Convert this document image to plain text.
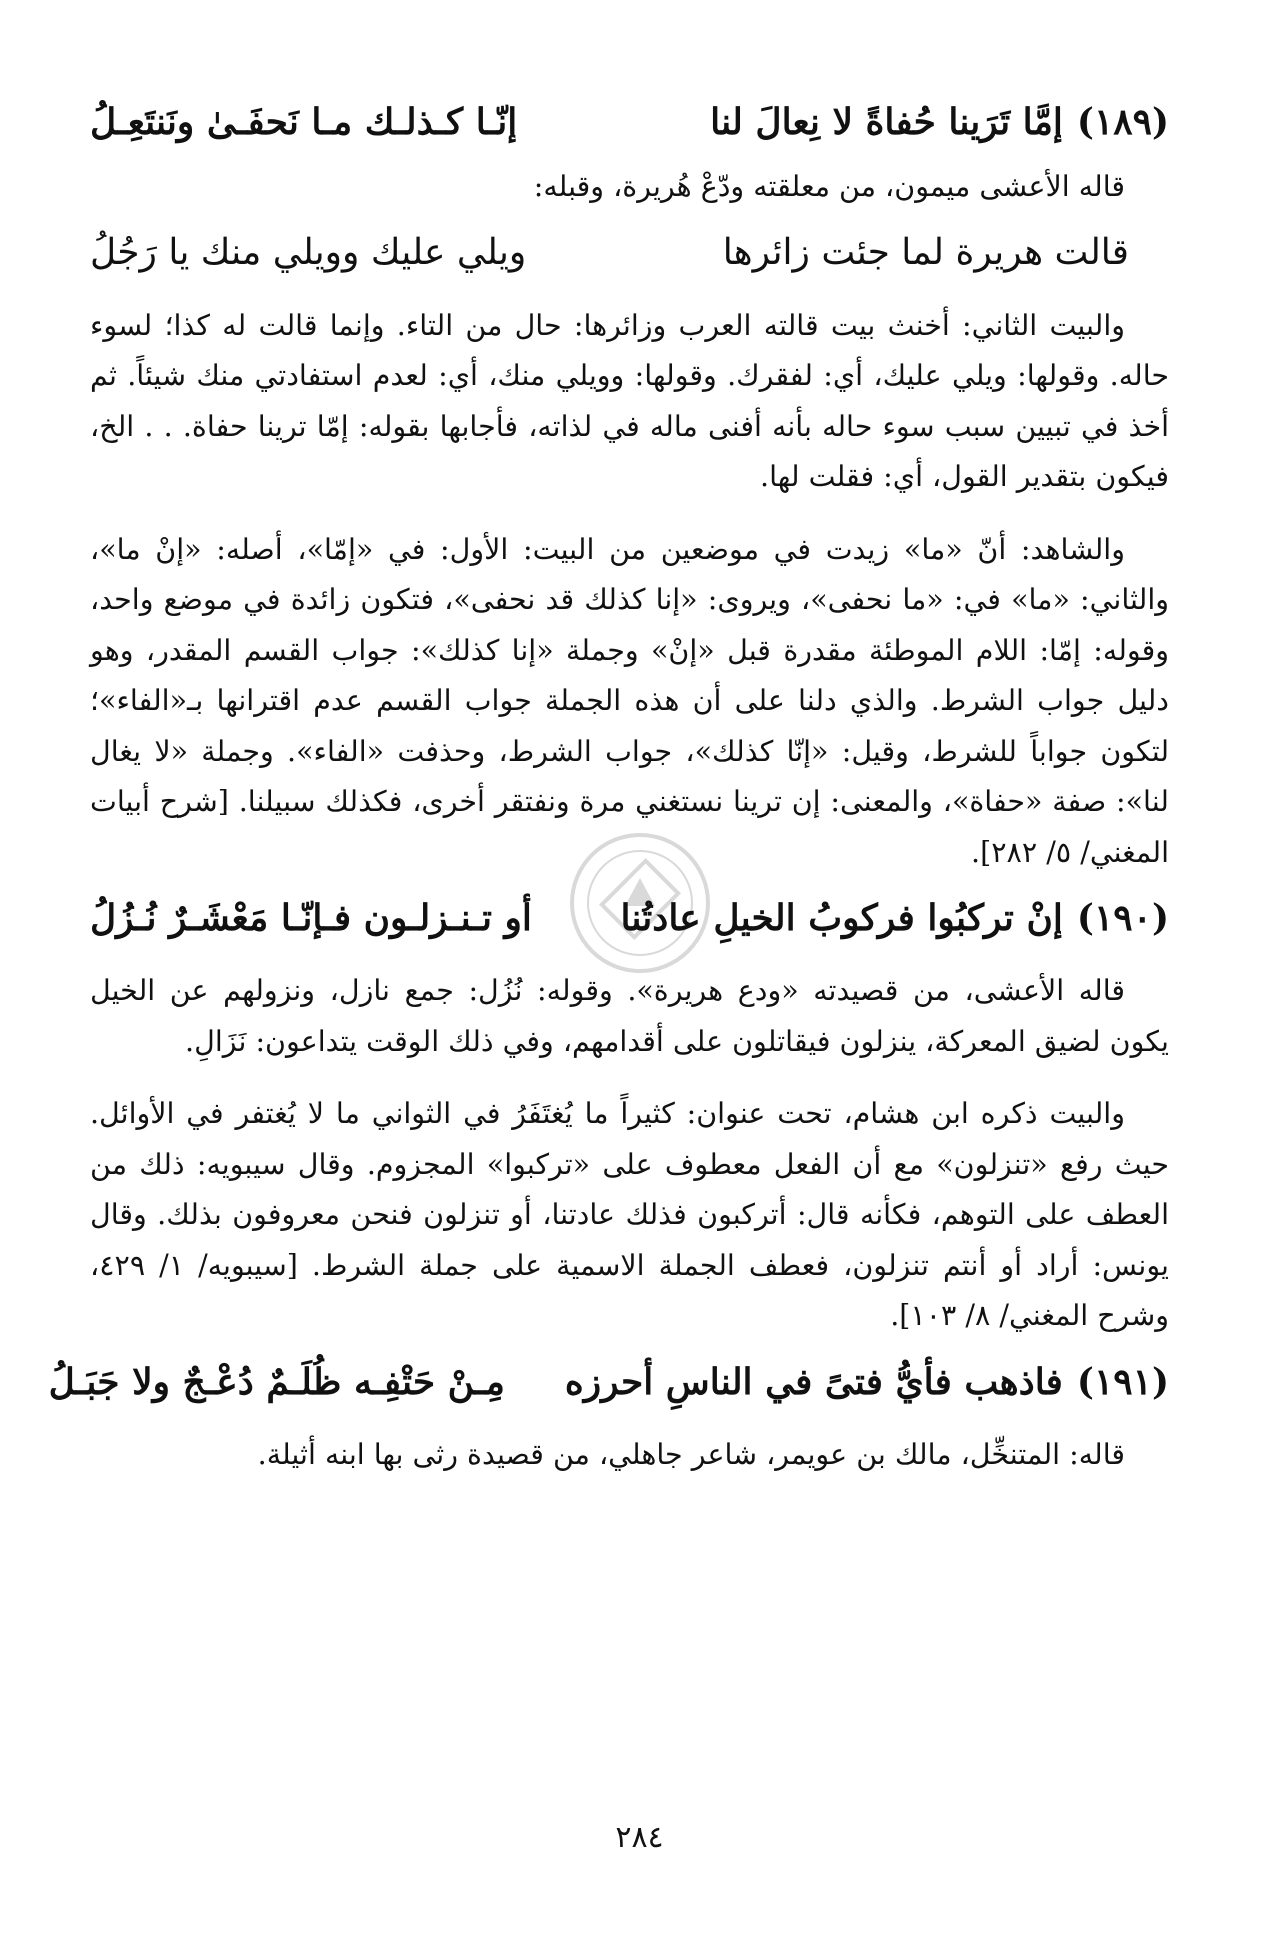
(١٨٩)
إمَّا تَرَينا حُفاةً لا نِعالَ لنا
إنّـا كـذلـك مـا نَحفَـىٰ ونَنتَعِـلُ

قاله الأعشى ميمون، من معلقته ودّعْ هُريرة، وقبله:

قالت هريرة لما جئت زائرها
ويلي عليك وويلي منك يا رَجُلُ

والبيت الثاني: أخنث بيت قالته العرب وزائرها: حال من التاء. وإنما قالت له كذا؛ لسوء حاله. وقولها: ويلي عليك، أي: لفقرك. وقولها: وويلي منك، أي: لعدم استفادتي منك شيئاً. ثم أخذ في تبيين سبب سوء حاله بأنه أفنى ماله في لذاته، فأجابها بقوله: إمّا ترينا حفاة. . . الخ، فيكون بتقدير القول، أي: فقلت لها.

والشاهد: أنّ «ما» زيدت في موضعين من البيت: الأول: في «إمّا»، أصله: «إنْ ما»، والثاني: «ما» في: «ما نحفى»، ويروى: «إنا كذلك قد نحفى»، فتكون زائدة في موضع واحد، وقوله: إمّا: اللام الموطئة مقدرة قبل «إنْ» وجملة «إنا كذلك»: جواب القسم المقدر، وهو دليل جواب الشرط. والذي دلنا على أن هذه الجملة جواب القسم عدم اقترانها بـ«الفاء»؛ لتكون جواباً للشرط، وقيل: «إنّا كذلك»، جواب الشرط، وحذفت «الفاء». وجملة «لا يغال لنا»: صفة «حفاة»، والمعنى: إن ترينا نستغني مرة ونفتقر أخرى، فكذلك سبيلنا. [شرح أبيات المغني/ ٥/ ٢٨٢].

(١٩٠)
إنْ تركبُوا فركوبُ الخيلِ عادتُنا
أو تـنـزلـون فـإنّـا مَعْشَـرٌ نُـزُلُ

قاله الأعشى، من قصيدته «ودع هريرة». وقوله: نُزُل: جمع نازل، ونزولهم عن الخيل يكون لضيق المعركة، ينزلون فيقاتلون على أقدامهم، وفي ذلك الوقت يتداعون: نَزَالِ.

والبيت ذكره ابن هشام، تحت عنوان: كثيراً ما يُغتَفَرُ في الثواني ما لا يُغتفر في الأوائل. حيث رفع «تنزلون» مع أن الفعل معطوف على «تركبوا» المجزوم. وقال سيبويه: ذلك من العطف على التوهم، فكأنه قال: أتركبون فذلك عادتنا، أو تنزلون فنحن معروفون بذلك. وقال يونس: أراد أو أنتم تنزلون، فعطف الجملة الاسمية على جملة الشرط. [سيبويه/ ١/ ٤٢٩، وشرح المغني/ ٨/ ١٠٣].

(١٩١)
فاذهب فأيُّ فتىً في الناسِ أحرزه
مِـنْ حَتْفِـه ظُلَـمٌ دُعْـجٌ ولا جَبَـلُ

قاله: المتنخِّل، مالك بن عويمر، شاعر جاهلي، من قصيدة رثى بها ابنه أثيلة.

٢٨٤
